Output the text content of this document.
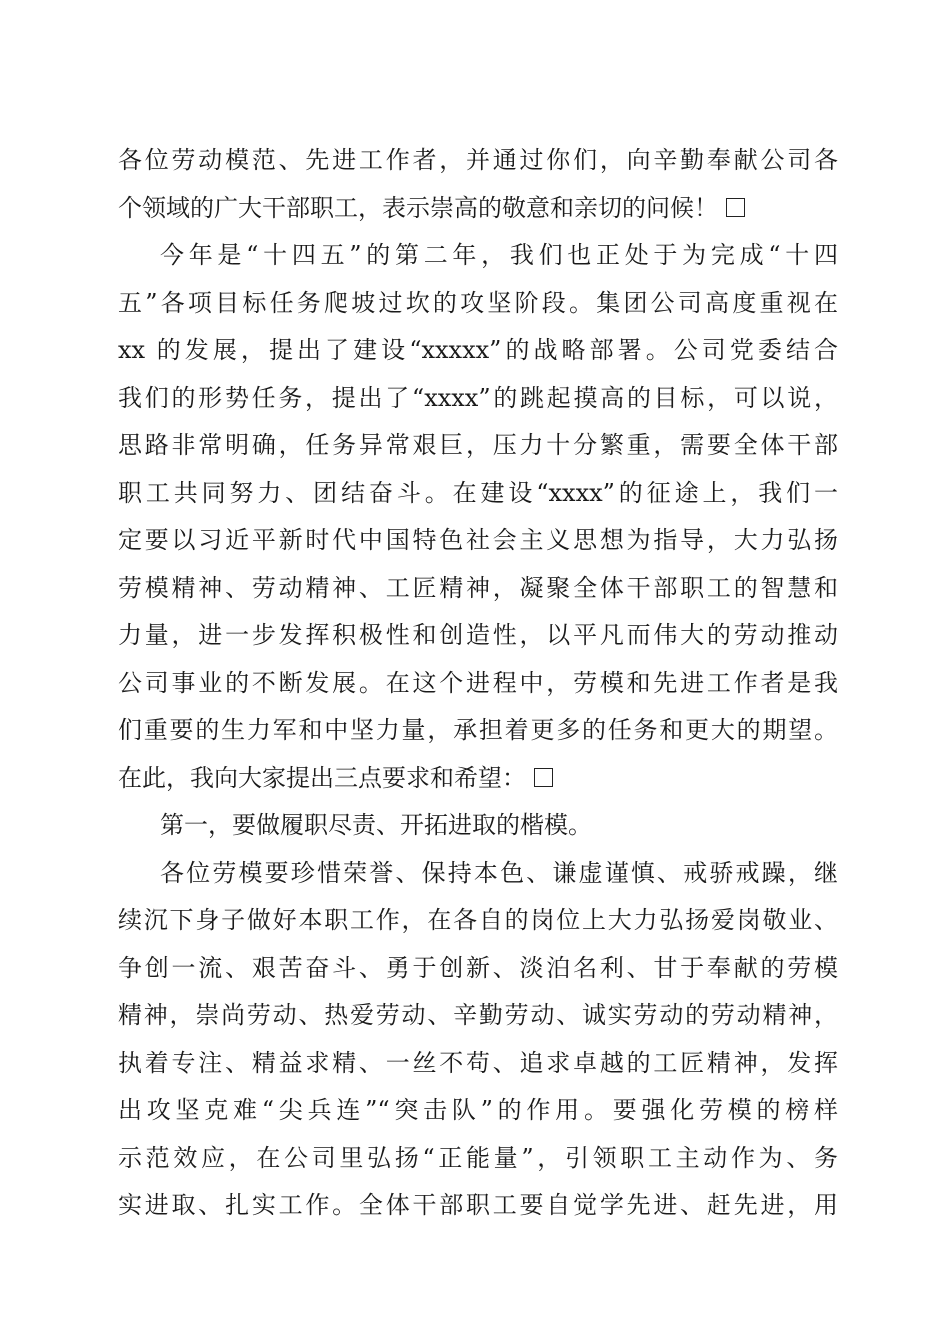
各位劳动模范、先进工作者，并通过你们，向辛勤奉献公司各
个领域的广大干部职工，表示崇高的敬意和亲切的问候！
今年是“十四五”的第二年，我们也正处于为完成“十四
五”各项目标任务爬坡过坎的攻坚阶段。集团公司高度重视在
xx 的发展，提出了建设“xxxxx”的战略部署。公司党委结合
我们的形势任务，提出了“xxxx”的跳起摸高的目标，可以说，
思路非常明确，任务异常艰巨，压力十分繁重，需要全体干部
职工共同努力、团结奋斗。在建设“xxxx”的征途上，我们一
定要以习近平新时代中国特色社会主义思想为指导，大力弘扬
劳模精神、劳动精神、工匠精神，凝聚全体干部职工的智慧和
力量，进一步发挥积极性和创造性，以平凡而伟大的劳动推动
公司事业的不断发展。在这个进程中，劳模和先进工作者是我
们重要的生力军和中坚力量，承担着更多的任务和更大的期望。
在此，我向大家提出三点要求和希望：
第一，要做履职尽责、开拓进取的楷模。
各位劳模要珍惜荣誉、保持本色、谦虚谨慎、戒骄戒躁，继
续沉下身子做好本职工作，在各自的岗位上大力弘扬爱岗敬业、
争创一流、艰苦奋斗、勇于创新、淡泊名利、甘于奉献的劳模
精神，崇尚劳动、热爱劳动、辛勤劳动、诚实劳动的劳动精神，
执着专注、精益求精、一丝不苟、追求卓越的工匠精神，发挥
出攻坚克难“尖兵连”“突击队”的作用。要强化劳模的榜样
示范效应，在公司里弘扬“正能量”，引领职工主动作为、务
实进取、扎实工作。全体干部职工要自觉学先进、赶先进，用
